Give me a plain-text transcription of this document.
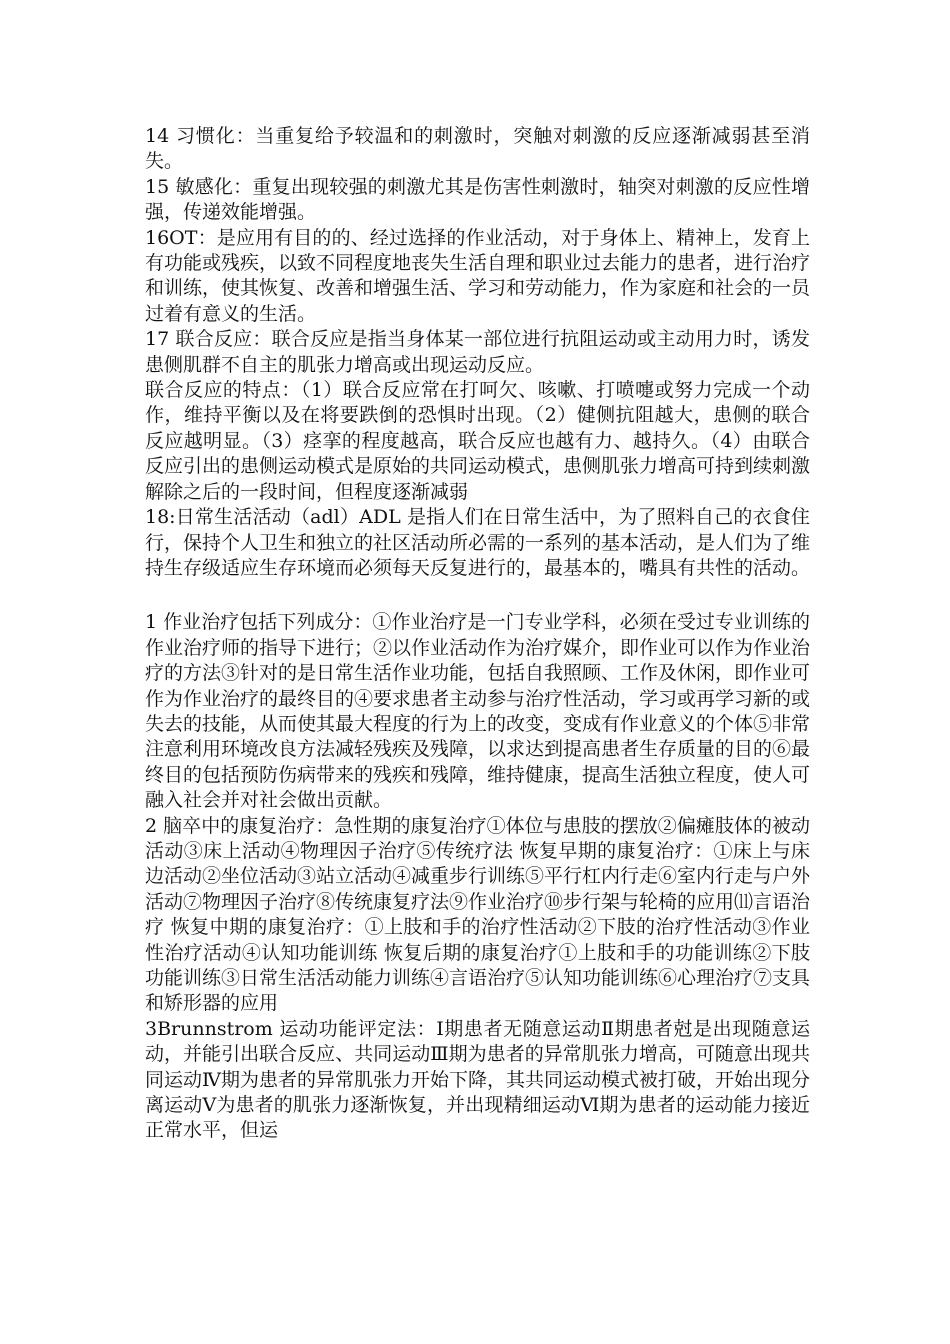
14 习惯化：当重复给予较温和的刺激时，突触对刺激的反应逐渐减弱甚至消失。

15 敏感化：重复出现较强的刺激尤其是伤害性刺激时，轴突对刺激的反应性增强，传递效能增强。

16OT：是应用有目的的、经过选择的作业活动，对于身体上、精神上，发育上有功能或残疾，以致不同程度地丧失生活自理和职业过去能力的患者，进行治疗和训练，使其恢复、改善和增强生活、学习和劳动能力，作为家庭和社会的一员过着有意义的生活。

17 联合反应：联合反应是指当身体某一部位进行抗阻运动或主动用力时，诱发患侧肌群不自主的肌张力增高或出现运动反应。

联合反应的特点：（1）联合反应常在打呵欠、咳嗽、打喷嚏或努力完成一个动作，维持平衡以及在将要跌倒的恐惧时出现。（2）健侧抗阻越大，患侧的联合反应越明显。（3）痉挛的程度越高，联合反应也越有力、越持久。（4）由联合反应引出的患侧运动模式是原始的共同运动模式，患侧肌张力增高可持到续刺激解除之后的一段时间，但程度逐渐减弱

18:日常生活活动（adl）ADL 是指人们在日常生活中，为了照料自己的衣食住行，保持个人卫生和独立的社区活动所必需的一系列的基本活动，是人们为了维持生存级适应生存环境而必须每天反复进行的，最基本的，嘴具有共性的活动。

1 作业治疗包括下列成分：①作业治疗是一门专业学科，必须在受过专业训练的作业治疗师的指导下进行；②以作业活动作为治疗媒介，即作业可以作为作业治疗的方法③针对的是日常生活作业功能，包括自我照顾、工作及休闲，即作业可作为作业治疗的最终目的④要求患者主动参与治疗性活动，学习或再学习新的或失去的技能，从而使其最大程度的行为上的改变，变成有作业意义的个体⑤非常注意利用环境改良方法减轻残疾及残障，以求达到提高患者生存质量的目的⑥最终目的包括预防伤病带来的残疾和残障，维持健康，提高生活独立程度，使人可融入社会并对社会做出贡献。

2 脑卒中的康复治疗：急性期的康复治疗①体位与患肢的摆放②偏瘫肢体的被动活动③床上活动④物理因子治疗⑤传统疗法 恢复早期的康复治疗：①床上与床边活动②坐位活动③站立活动④减重步行训练⑤平行杠内行走⑥室内行走与户外活动⑦物理因子治疗⑧传统康复疗法⑨作业治疗⑩步行架与轮椅的应用⑾言语治疗 恢复中期的康复治疗：①上肢和手的治疗性活动②下肢的治疗性活动③作业性治疗活动④认知功能训练 恢复后期的康复治疗①上肢和手的功能训练②下肢功能训练③日常生活活动能力训练④言语治疗⑤认知功能训练⑥心理治疗⑦支具和矫形器的应用

3Brunnstrom 运动功能评定法：Ⅰ期患者无随意运动Ⅱ期患者尅是出现随意运动，并能引出联合反应、共同运动Ⅲ期为患者的异常肌张力增高，可随意出现共同运动Ⅳ期为患者的异常肌张力开始下降，其共同运动模式被打破，开始出现分离运动Ⅴ为患者的肌张力逐渐恢复，并出现精细运动Ⅵ期为患者的运动能力接近正常水平，但运
